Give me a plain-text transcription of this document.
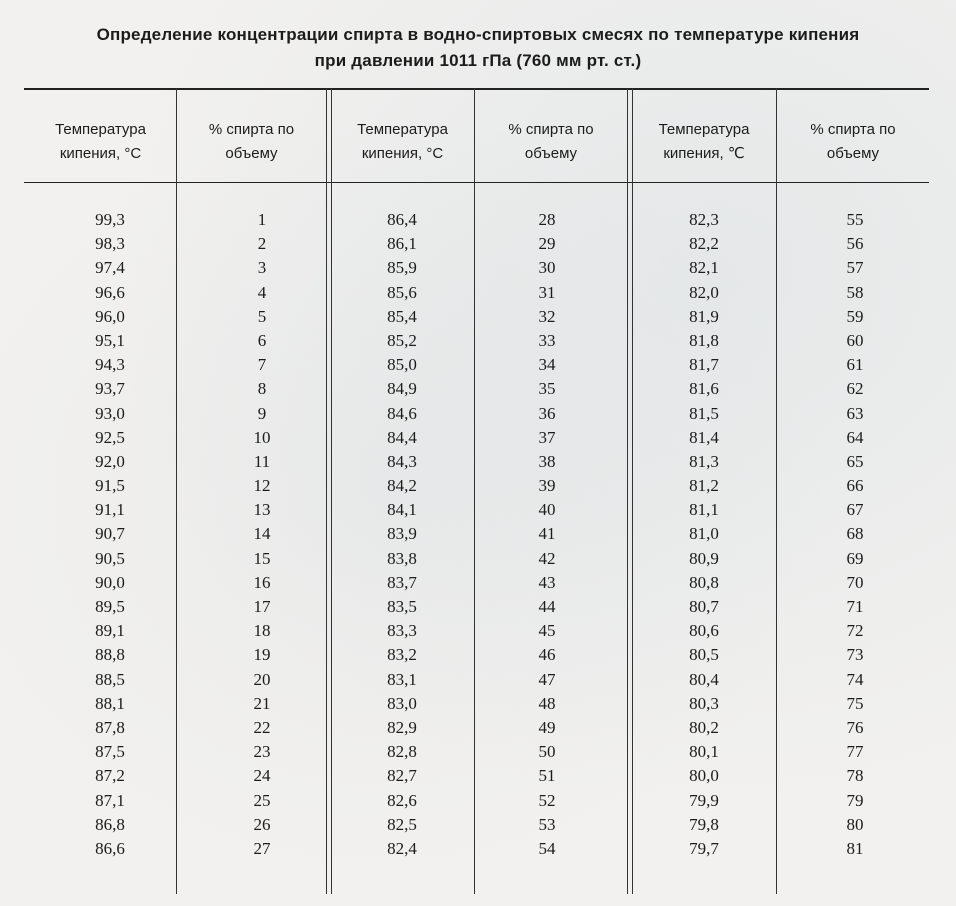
Определение концентрации спирта в водно-спиртовых смесях по температуре кипения
при давлении 1011 гПа (760 мм рт. ст.)
Температура
кипения, °С
% спирта по
объему
Температура
кипения, °С
% спирта по
объему
Температура
кипения, ℃
% спирта по
объему
99,3
98,3
97,4
96,6
96,0
95,1
94,3
93,7
93,0
92,5
92,0
91,5
91,1
90,7
90,5
90,0
89,5
89,1
88,8
88,5
88,1
87,8
87,5
87,2
87,1
86,8
86,6
1
2
3
4
5
6
7
8
9
10
11
12
13
14
15
16
17
18
19
20
21
22
23
24
25
26
27
86,4
86,1
85,9
85,6
85,4
85,2
85,0
84,9
84,6
84,4
84,3
84,2
84,1
83,9
83,8
83,7
83,5
83,3
83,2
83,1
83,0
82,9
82,8
82,7
82,6
82,5
82,4
28
29
30
31
32
33
34
35
36
37
38
39
40
41
42
43
44
45
46
47
48
49
50
51
52
53
54
82,3
82,2
82,1
82,0
81,9
81,8
81,7
81,6
81,5
81,4
81,3
81,2
81,1
81,0
80,9
80,8
80,7
80,6
80,5
80,4
80,3
80,2
80,1
80,0
79,9
79,8
79,7
55
56
57
58
59
60
61
62
63
64
65
66
67
68
69
70
71
72
73
74
75
76
77
78
79
80
81
